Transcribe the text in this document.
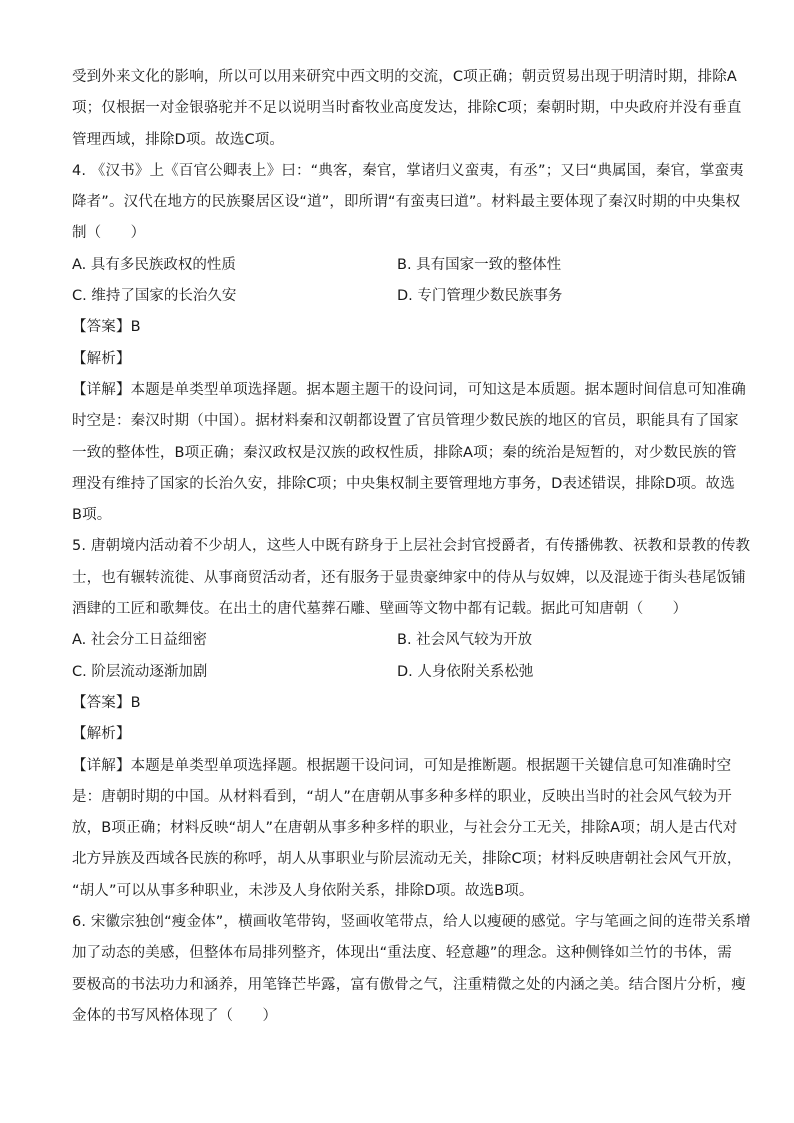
受到外来文化的影响，所以可以用来研究中西文明的交流，C项正确；朝贡贸易出现于明清时期，排除A

项；仅根据一对金银骆驼并不足以说明当时畜牧业高度发达，排除C项；秦朝时期，中央政府并没有垂直

管理西域，排除D项。故选C项。

4. 《汉书》上《百官公卿表上》曰：“典客，秦官，掌诸归义蛮夷，有丞”；又曰“典属国，秦官，掌蛮夷

降者”。汉代在地方的民族聚居区设“道”，即所谓“有蛮夷曰道”。材料最主要体现了秦汉时期的中央集权

制（　　）

A. 具有多民族政权的性质	B. 具有国家一致的整体性
C. 维持了国家的长治久安	D. 专门管理少数民族事务

【答案】B

【解析】

【详解】本题是单类型单项选择题。据本题主题干的设问词，可知这是本质题。据本题时间信息可知准确

时空是：秦汉时期（中国）。据材料秦和汉朝都设置了官员管理少数民族的地区的官员，职能具有了国家

一致的整体性，B项正确；秦汉政权是汉族的政权性质，排除A项；秦的统治是短暂的，对少数民族的管

理没有维持了国家的长治久安，排除C项；中央集权制主要管理地方事务，D表述错误，排除D项。故选

B项。

5. 唐朝境内活动着不少胡人，这些人中既有跻身于上层社会封官授爵者，有传播佛教、祆教和景教的传教

士，也有辗转流徙、从事商贸活动者，还有服务于显贵豪绅家中的侍从与奴婢，以及混迹于街头巷尾饭铺

酒肆的工匠和歌舞伎。在出土的唐代墓葬石雕、壁画等文物中都有记载。据此可知唐朝（　　）

A. 社会分工日益细密	B. 社会风气较为开放
C. 阶层流动逐渐加剧	D. 人身依附关系松弛

【答案】B

【解析】

【详解】本题是单类型单项选择题。根据题干设问词，可知是推断题。根据题干关键信息可知准确时空

是：唐朝时期的中国。从材料看到，“胡人”在唐朝从事多种多样的职业，反映出当时的社会风气较为开

放，B项正确；材料反映“胡人”在唐朝从事多种多样的职业，与社会分工无关，排除A项；胡人是古代对

北方异族及西域各民族的称呼，胡人从事职业与阶层流动无关，排除C项；材料反映唐朝社会风气开放，

“胡人”可以从事多种职业，未涉及人身依附关系，排除D项。故选B项。

6. 宋徽宗独创“瘦金体”，横画收笔带钩，竖画收笔带点，给人以瘦硬的感觉。字与笔画之间的连带关系增

加了动态的美感，但整体布局排列整齐，体现出“重法度、轻意趣”的理念。这种侧锋如兰竹的书体，需

要极高的书法功力和涵养，用笔锋芒毕露，富有傲骨之气，注重精微之处的内涵之美。结合图片分析，瘦

金体的书写风格体现了（　　）
